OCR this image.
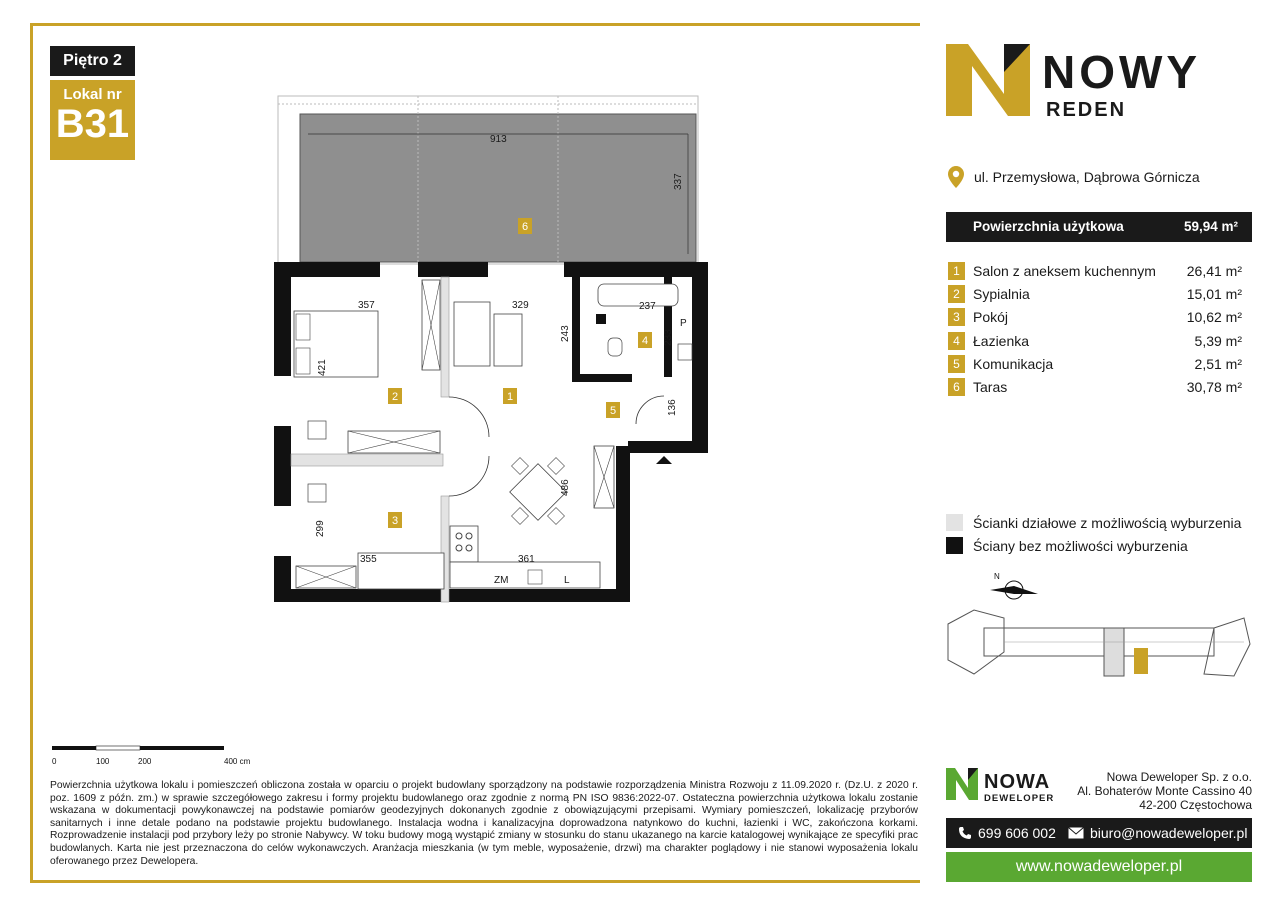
Piętro 2
Lokal nr
B31	913
337
357
421
329
243
237
233
136
355
299
361
486
ZM	L
P
6
2	1
4
5
3
0	100	200	400 cm
Powierzchnia użytkowa lokalu i pomieszczeń obliczona została w oparciu o projekt budowlany sporządzony na podstawie rozporządzenia Ministra Rozwoju z 11.09.2020 r. (Dz.U. z 2020 r. poz. 1609 z późn. zm.) w sprawie szczegółowego zakresu i formy projektu budowlanego oraz zgodnie z normą PN ISO 9836:2022-07. Ostateczna powierzchnia użytkowa lokalu zostanie wskazana w dokumentacji powykonawczej na podstawie pomiarów geodezyjnych dokonanych zgodnie z obowiązującymi przepisami. Wymiary pomieszczeń, lokalizację przyborów sanitarnych i inne detale podano na podstawie projektu budowlanego. Instalacja wodna i kanalizacyjna doprowadzona natynkowo do kuchni, łazienki i WC, zakończona korkami. Rozprowadzenie instalacji pod przybory leży po stronie Nabywcy. W toku budowy mogą wystąpić zmiany w stosunku do stanu ukazanego na karcie katalogowej wynikające ze specyfiki prac budowlanych. Karta nie jest przeznaczona do celów wykonawczych. Aranżacja mieszkania (w tym meble, wyposażenie, drzwi) ma charakter poglądowy i nie stanowi wyposażenia lokalu oferowanego przez Dewelopera.
NOWY
REDEN
ul. Przemysłowa, Dąbrowa Górnicza
Powierzchnia użytkowa	59,94 m²
1 Salon z aneksem kuchennym 26,41 m²
2 Sypialnia	15,01 m²
3 Pokój	10,62 m²
4 Łazienka	5,39 m²
5 Komunikacja	2,51 m²
6 Taras	30,78 m²
Ścianki działowe z możliwością wyburzenia
Ściany bez możliwości wyburzenia
N
NOWA
DEWELOPER
Nowa Deweloper Sp. z o.o.
Al. Bohaterów Monte Cassino 40
42-200 Częstochowa
699 606 002 biuro@nowadeweloper.pl
www.nowadeweloper.pl
